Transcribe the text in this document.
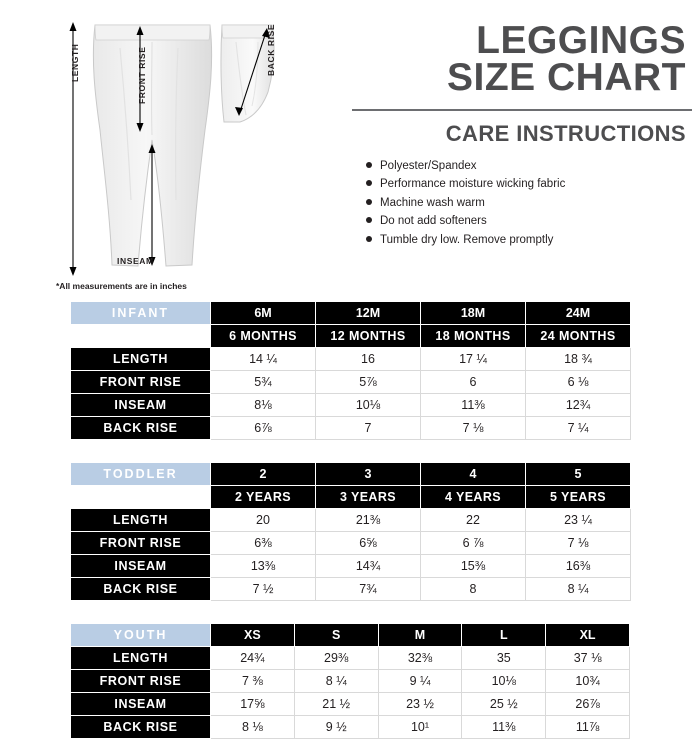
LENGTH	FRONT RISE	BACK RISE
INSEAM
*All measurements are in inches
LEGGINGS
SIZE CHART
CARE INSTRUCTIONS
Polyester/Spandex
Performance moisture wicking fabric
Machine wash warm
Do not add softeners
Tumble dry low. Remove promptly
INFANT	6M	12M	18M	24M
	6 MONTHS	12 MONTHS	18 MONTHS	24 MONTHS
LENGTH	14 ¼	16	17 ¼	18 ¾
FRONT RISE	5¾	5⅞	6	6 ⅛
INSEAM	8⅛	10⅛	11⅜	12¾
BACK RISE	6⅞	7	7 ⅛	7 ¼

TODDLER	2	3	4	5
	2 YEARS	3 YEARS	4 YEARS	5 YEARS
LENGTH	20	21⅜	22	23 ¼
FRONT RISE	6⅜	6⅝	6 ⅞	7 ⅛
INSEAM	13⅜	14¾	15⅜	16⅜
BACK RISE	7 ½	7¾	8	8 ¼

YOUTH	XS	S	M	L	XL
LENGTH	24¾	29⅜	32⅜	35	37 ⅛
FRONT RISE	7 ⅜	8 ¼	9 ¼	10⅛	10¾
INSEAM	17⅝	21 ½	23 ½	25 ½	26⅞
BACK RISE	8 ⅛	9 ½	10¹	11⅜	11⅞
